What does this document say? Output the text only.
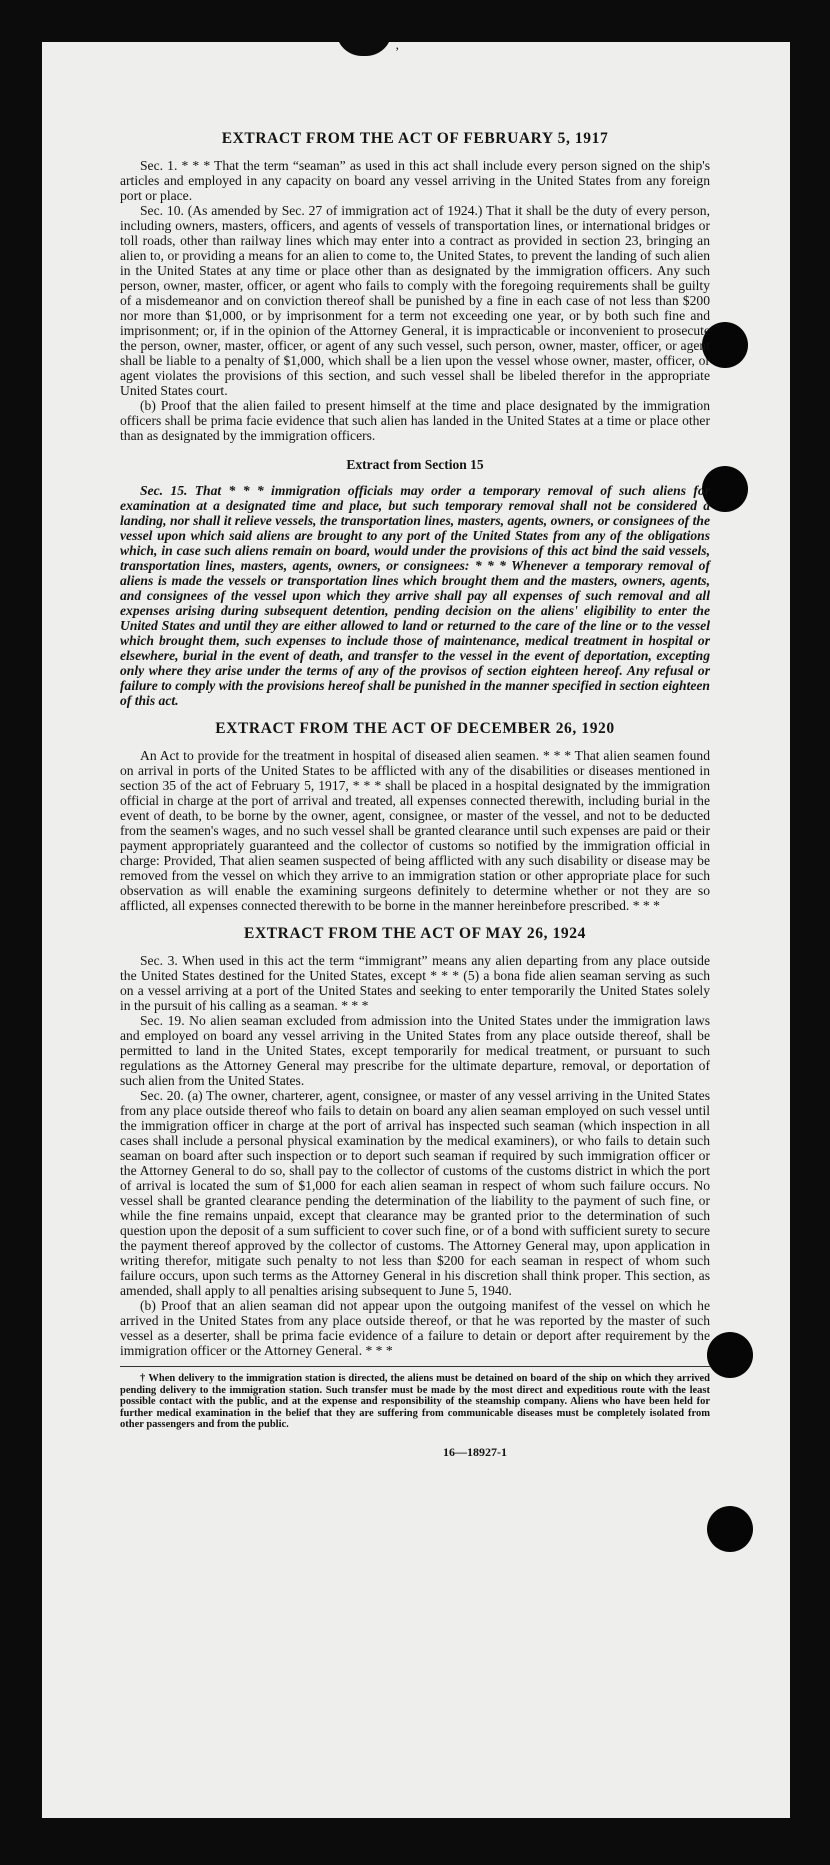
’
EXTRACT FROM THE ACT OF FEBRUARY 5, 1917

Sec. 1. * * * That the term “seaman” as used in this act shall include every person signed on the ship's articles and employed in any capacity on board any vessel arriving in the United States from any foreign port or place.

Sec. 10. (As amended by Sec. 27 of immigration act of 1924.) That it shall be the duty of every person, including owners, masters, officers, and agents of vessels of transportation lines, or international bridges or toll roads, other than railway lines which may enter into a contract as provided in section 23, bringing an alien to, or providing a means for an alien to come to, the United States, to prevent the landing of such alien in the United States at any time or place other than as designated by the immigration officers. Any such person, owner, master, officer, or agent who fails to comply with the foregoing requirements shall be guilty of a misdemeanor and on conviction thereof shall be punished by a fine in each case of not less than $200 nor more than $1,000, or by imprisonment for a term not exceeding one year, or by both such fine and imprisonment; or, if in the opinion of the Attorney General, it is impracticable or inconvenient to prosecute the person, owner, master, officer, or agent of any such vessel, such person, owner, master, officer, or agent shall be liable to a penalty of $1,000, which shall be a lien upon the vessel whose owner, master, officer, or agent violates the provisions of this section, and such vessel shall be libeled therefor in the appropriate United States court.

(b) Proof that the alien failed to present himself at the time and place designated by the immigration officers shall be prima facie evidence that such alien has landed in the United States at a time or place other than as designated by the immigration officers.

Extract from Section 15

Sec. 15. That * * * immigration officials may order a temporary removal of such aliens for examination at a designated time and place, but such temporary removal shall not be considered a landing, nor shall it relieve vessels, the transportation lines, masters, agents, owners, or consignees of the vessel upon which said aliens are brought to any port of the United States from any of the obligations which, in case such aliens remain on board, would under the provisions of this act bind the said vessels, transportation lines, masters, agents, owners, or consignees: * * * Whenever a temporary removal of aliens is made the vessels or transportation lines which brought them and the masters, owners, agents, and consignees of the vessel upon which they arrive shall pay all expenses of such removal and all expenses arising during subsequent detention, pending decision on the aliens' eligibility to enter the United States and until they are either allowed to land or returned to the care of the line or to the vessel which brought them, such expenses to include those of maintenance, medical treatment in hospital or elsewhere, burial in the event of death, and transfer to the vessel in the event of deportation, excepting only where they arise under the terms of any of the provisos of section eighteen hereof. Any refusal or failure to comply with the provisions hereof shall be punished in the manner specified in section eighteen of this act.

EXTRACT FROM THE ACT OF DECEMBER 26, 1920

An Act to provide for the treatment in hospital of diseased alien seamen. * * * That alien seamen found on arrival in ports of the United States to be afflicted with any of the disabilities or diseases mentioned in section 35 of the act of February 5, 1917, * * * shall be placed in a hospital designated by the immigration official in charge at the port of arrival and treated, all expenses connected therewith, including burial in the event of death, to be borne by the owner, agent, consignee, or master of the vessel, and not to be deducted from the seamen's wages, and no such vessel shall be granted clearance until such expenses are paid or their payment appropriately guaranteed and the collector of customs so notified by the immigration official in charge: Provided, That alien seamen suspected of being afflicted with any such disability or disease may be removed from the vessel on which they arrive to an immigration station or other appropriate place for such observation as will enable the examining surgeons definitely to determine whether or not they are so afflicted, all expenses connected therewith to be borne in the manner hereinbefore prescribed. * * *

EXTRACT FROM THE ACT OF MAY 26, 1924

Sec. 3. When used in this act the term “immigrant” means any alien departing from any place outside the United States destined for the United States, except * * * (5) a bona fide alien seaman serving as such on a vessel arriving at a port of the United States and seeking to enter temporarily the United States solely in the pursuit of his calling as a seaman. * * *

Sec. 19. No alien seaman excluded from admission into the United States under the immigration laws and employed on board any vessel arriving in the United States from any place outside thereof, shall be permitted to land in the United States, except temporarily for medical treatment, or pursuant to such regulations as the Attorney General may prescribe for the ultimate departure, removal, or deportation of such alien from the United States.

Sec. 20. (a) The owner, charterer, agent, consignee, or master of any vessel arriving in the United States from any place outside thereof who fails to detain on board any alien seaman employed on such vessel until the immigration officer in charge at the port of arrival has inspected such seaman (which inspection in all cases shall include a personal physical examination by the medical examiners), or who fails to detain such seaman on board after such inspection or to deport such seaman if required by such immigration officer or the Attorney General to do so, shall pay to the collector of customs of the customs district in which the port of arrival is located the sum of $1,000 for each alien seaman in respect of whom such failure occurs. No vessel shall be granted clearance pending the determination of the liability to the payment of such fine, or while the fine remains unpaid, except that clearance may be granted prior to the determination of such question upon the deposit of a sum sufficient to cover such fine, or of a bond with sufficient surety to secure the payment thereof approved by the collector of customs. The Attorney General may, upon application in writing therefor, mitigate such penalty to not less than $200 for each seaman in respect of whom such failure occurs, upon such terms as the Attorney General in his discretion shall think proper. This section, as amended, shall apply to all penalties arising subsequent to June 5, 1940.

(b) Proof that an alien seaman did not appear upon the outgoing manifest of the vessel on which he arrived in the United States from any place outside thereof, or that he was reported by the master of such vessel as a deserter, shall be prima facie evidence of a failure to detain or deport after requirement by the immigration officer or the Attorney General. * * *

† When delivery to the immigration station is directed, the aliens must be detained on board of the ship on which they arrived pending delivery to the immigration station. Such transfer must be made by the most direct and expeditious route with the least possible contact with the public, and at the expense and responsibility of the steamship company. Aliens who have been held for further medical examination in the belief that they are suffering from communicable diseases must be completely isolated from other passengers and from the public.

16—18927-1
